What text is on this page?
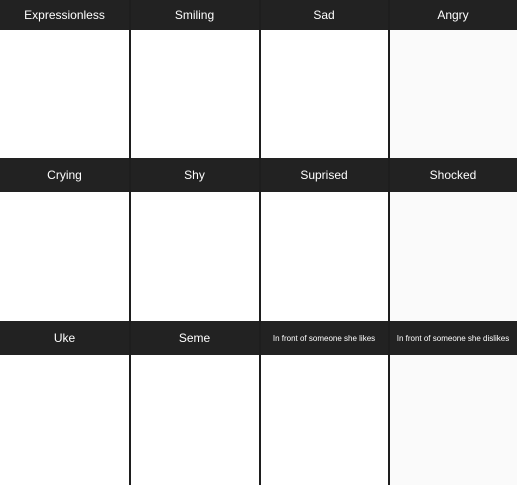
Expressionless	Smiling	Sad	Angry
Crying	Shy	Suprised	Shocked
Uke	Seme	In front of someone she likes	In front of someone she dislikes
